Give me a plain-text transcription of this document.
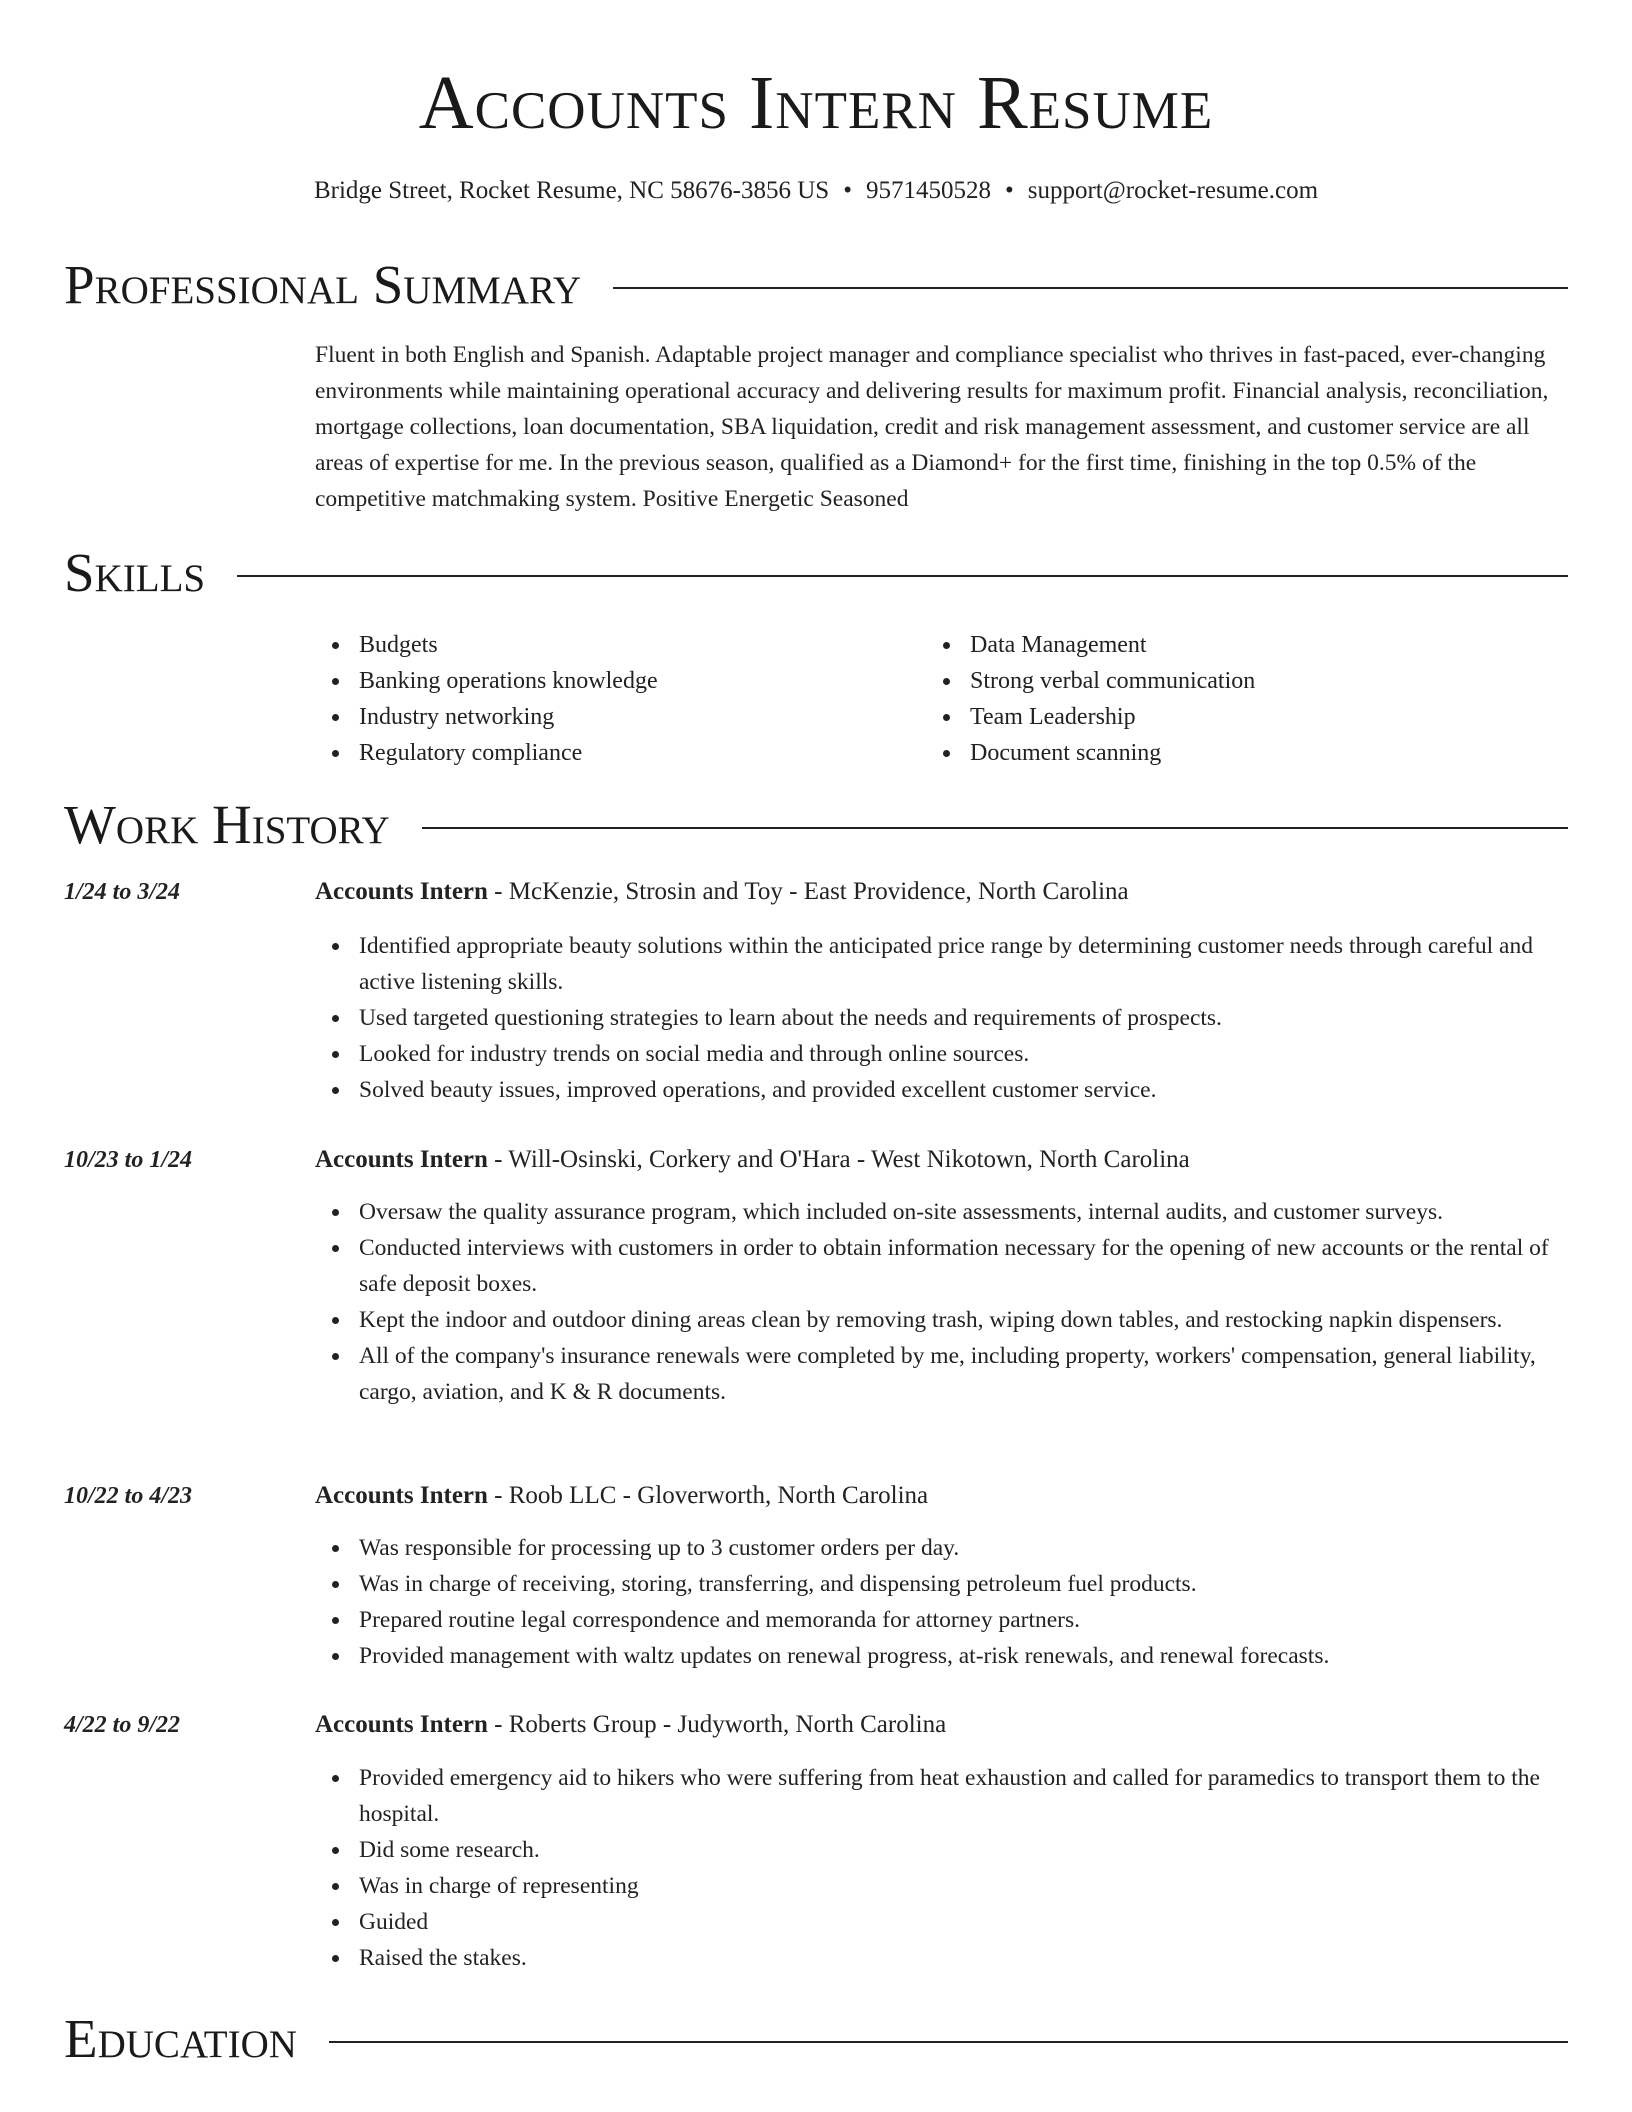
Accounts Intern Resume
Bridge Street, Rocket Resume, NC 58676-3856 US • 9571450528 • support@rocket-resume.com
Professional Summary
Fluent in both English and Spanish. Adaptable project manager and compliance specialist who thrives in fast-paced, ever-changing environments while maintaining operational accuracy and delivering results for maximum profit. Financial analysis, reconciliation, mortgage collections, loan documentation, SBA liquidation, credit and risk management assessment, and customer service are all areas of expertise for me. In the previous season, qualified as a Diamond+ for the first time, finishing in the top 0.5% of the competitive matchmaking system. Positive Energetic Seasoned
Skills
Budgets
Banking operations knowledge
Industry networking
Regulatory compliance
Data Management
Strong verbal communication
Team Leadership
Document scanning
Work History
1/24 to 3/24	Accounts Intern - McKenzie, Strosin and Toy - East Providence, North Carolina
Identified appropriate beauty solutions within the anticipated price range by determining customer needs through careful and active listening skills.
Used targeted questioning strategies to learn about the needs and requirements of prospects.
Looked for industry trends on social media and through online sources.
Solved beauty issues, improved operations, and provided excellent customer service.
10/23 to 1/24	Accounts Intern - Will-Osinski, Corkery and O'Hara - West Nikotown, North Carolina
Oversaw the quality assurance program, which included on-site assessments, internal audits, and customer surveys.
Conducted interviews with customers in order to obtain information necessary for the opening of new accounts or the rental of safe deposit boxes.
Kept the indoor and outdoor dining areas clean by removing trash, wiping down tables, and restocking napkin dispensers.
All of the company's insurance renewals were completed by me, including property, workers' compensation, general liability, cargo, aviation, and K & R documents.
10/22 to 4/23	Accounts Intern - Roob LLC - Gloverworth, North Carolina
Was responsible for processing up to 3 customer orders per day.
Was in charge of receiving, storing, transferring, and dispensing petroleum fuel products.
Prepared routine legal correspondence and memoranda for attorney partners.
Provided management with waltz updates on renewal progress, at-risk renewals, and renewal forecasts.
4/22 to 9/22	Accounts Intern - Roberts Group - Judyworth, North Carolina
Provided emergency aid to hikers who were suffering from heat exhaustion and called for paramedics to transport them to the hospital.
Did some research.
Was in charge of representing
Guided
Raised the stakes.
Education
